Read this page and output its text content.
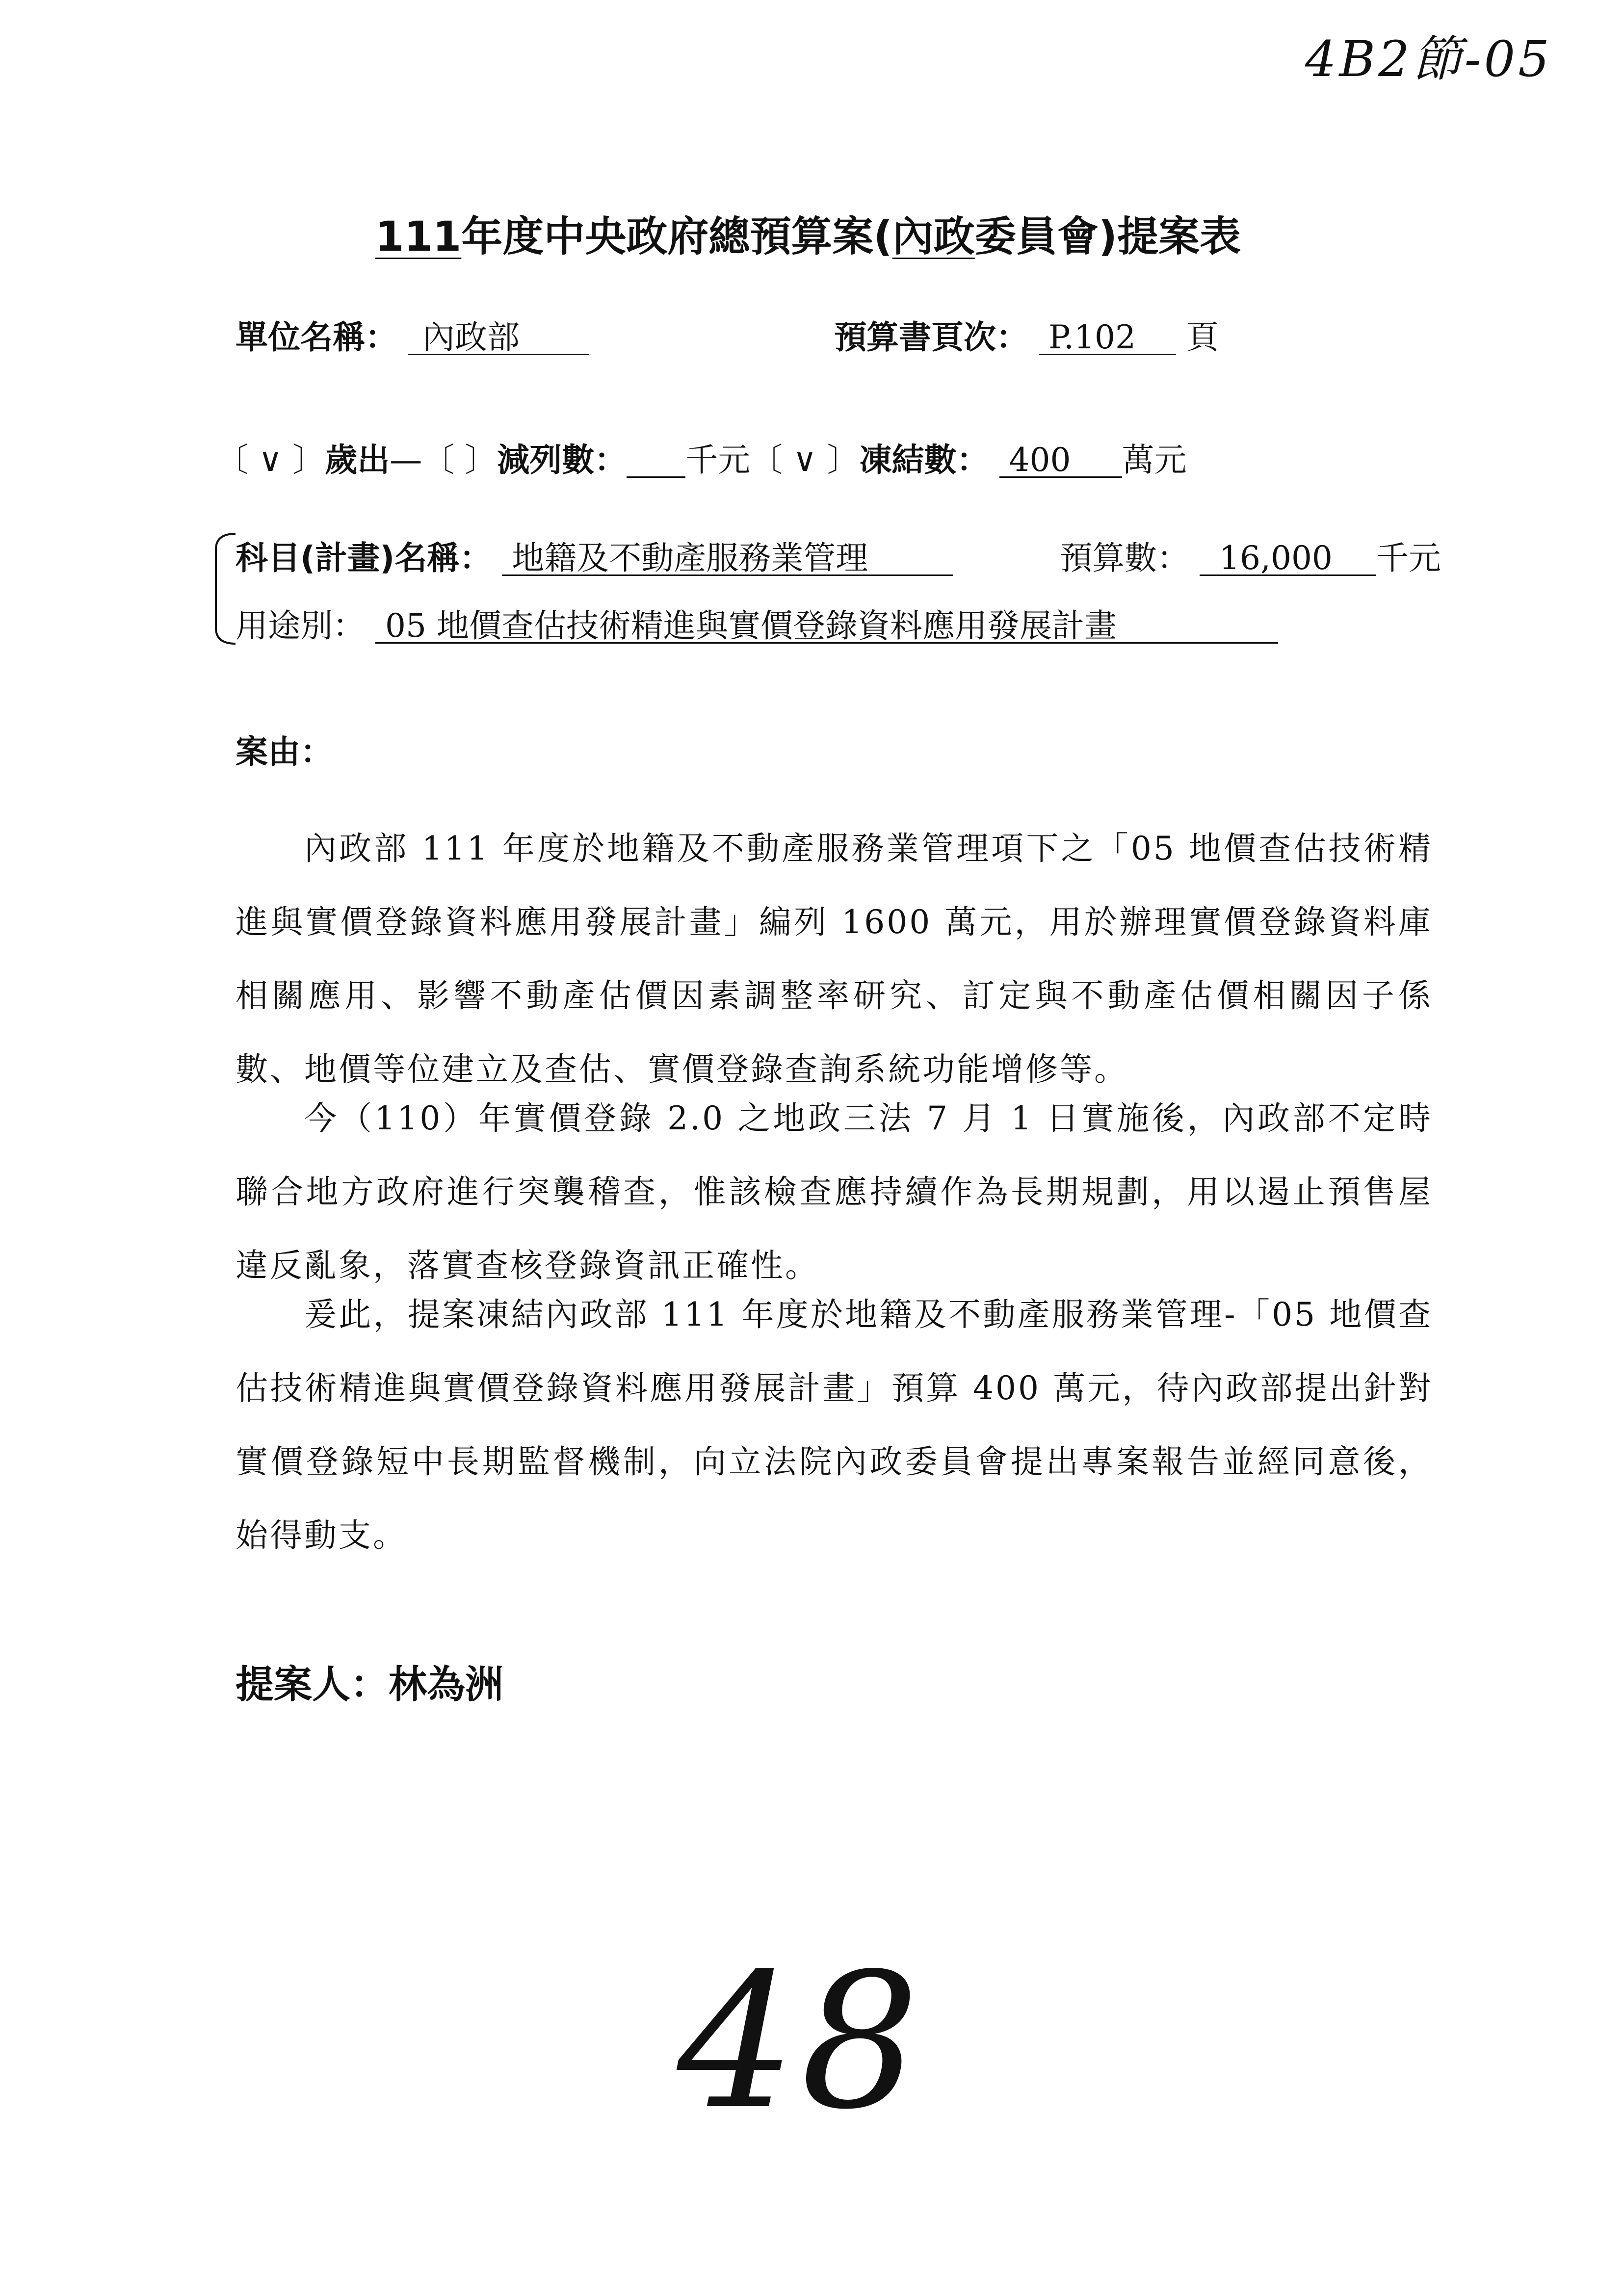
4B2節-05
111年度中央政府總預算案(內政委員會)提案表
單位名稱： 內政部	預算書頁次： P.102 頁
〔 ∨ 〕歲出—〔 〕減列數： 千元〔 ∨ 〕凍結數： 400 萬元
科目(計畫)名稱： 地籍及不動產服務業管理	預算數： 16,000 千元
用途別： 05 地價查估技術精進與實價登錄資料應用發展計畫
案由：
內政部 111 年度於地籍及不動產服務業管理項下之「05 地價查估技術精進與實價登錄資料應用發展計畫」編列 1600 萬元，用於辦理實價登錄資料庫相關應用、影響不動產估價因素調整率研究、訂定與不動產估價相關因子係數、地價等位建立及查估、實價登錄查詢系統功能增修等。
今（110）年實價登錄 2.0 之地政三法 7 月 1 日實施後，內政部不定時聯合地方政府進行突襲稽查，惟該檢查應持續作為長期規劃，用以遏止預售屋違反亂象，落實查核登錄資訊正確性。
爰此，提案凍結內政部 111 年度於地籍及不動產服務業管理-「05 地價查估技術精進與實價登錄資料應用發展計畫」預算 400 萬元，待內政部提出針對實價登錄短中長期監督機制，向立法院內政委員會提出專案報告並經同意後，始得動支。
提案人：林為洲
48
